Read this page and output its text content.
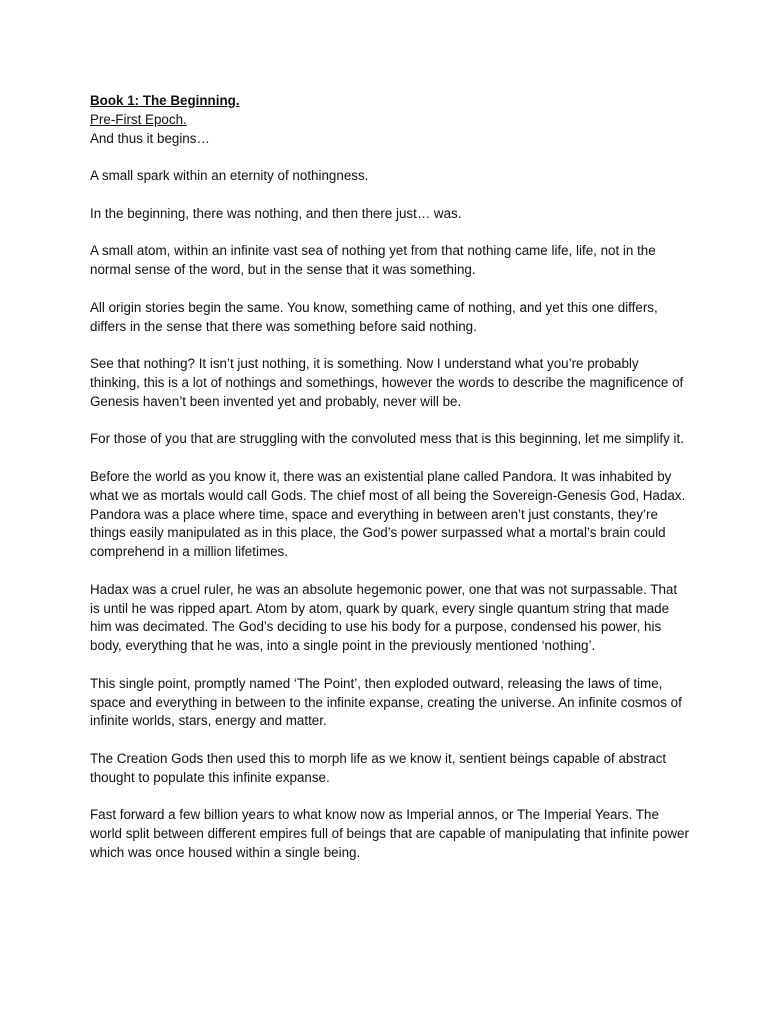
Book 1: The Beginning.

Pre-First Epoch.

And thus it begins…

A small spark within an eternity of nothingness.

In the beginning, there was nothing, and then there just… was.

A small atom, within an infinite vast sea of nothing yet from that nothing came life, life, not in the normal sense of the word, but in the sense that it was something.

All origin stories begin the same. You know, something came of nothing, and yet this one differs, differs in the sense that there was something before said nothing.

See that nothing? It isn’t just nothing, it is something. Now I understand what you’re probably thinking, this is a lot of nothings and somethings, however the words to describe the magnificence of Genesis haven’t been invented yet and probably, never will be.

For those of you that are struggling with the convoluted mess that is this beginning, let me simplify it.

Before the world as you know it, there was an existential plane called Pandora. It was inhabited by what we as mortals would call Gods. The chief most of all being the Sovereign-Genesis God, Hadax. Pandora was a place where time, space and everything in between aren’t just constants, they’re things easily manipulated as in this place, the God’s power surpassed what a mortal’s brain could comprehend in a million lifetimes.

Hadax was a cruel ruler, he was an absolute hegemonic power, one that was not surpassable. That is until he was ripped apart. Atom by atom, quark by quark, every single quantum string that made him was decimated. The God’s deciding to use his body for a purpose, condensed his power, his body, everything that he was, into a single point in the previously mentioned ‘nothing’.

This single point, promptly named ‘The Point’, then exploded outward, releasing the laws of time, space and everything in between to the infinite expanse, creating the universe. An infinite cosmos of infinite worlds, stars, energy and matter.

The Creation Gods then used this to morph life as we know it, sentient beings capable of abstract thought to populate this infinite expanse.

Fast forward a few billion years to what know now as Imperial annos, or The Imperial Years. The world split between different empires full of beings that are capable of manipulating that infinite power which was once housed within a single being.
